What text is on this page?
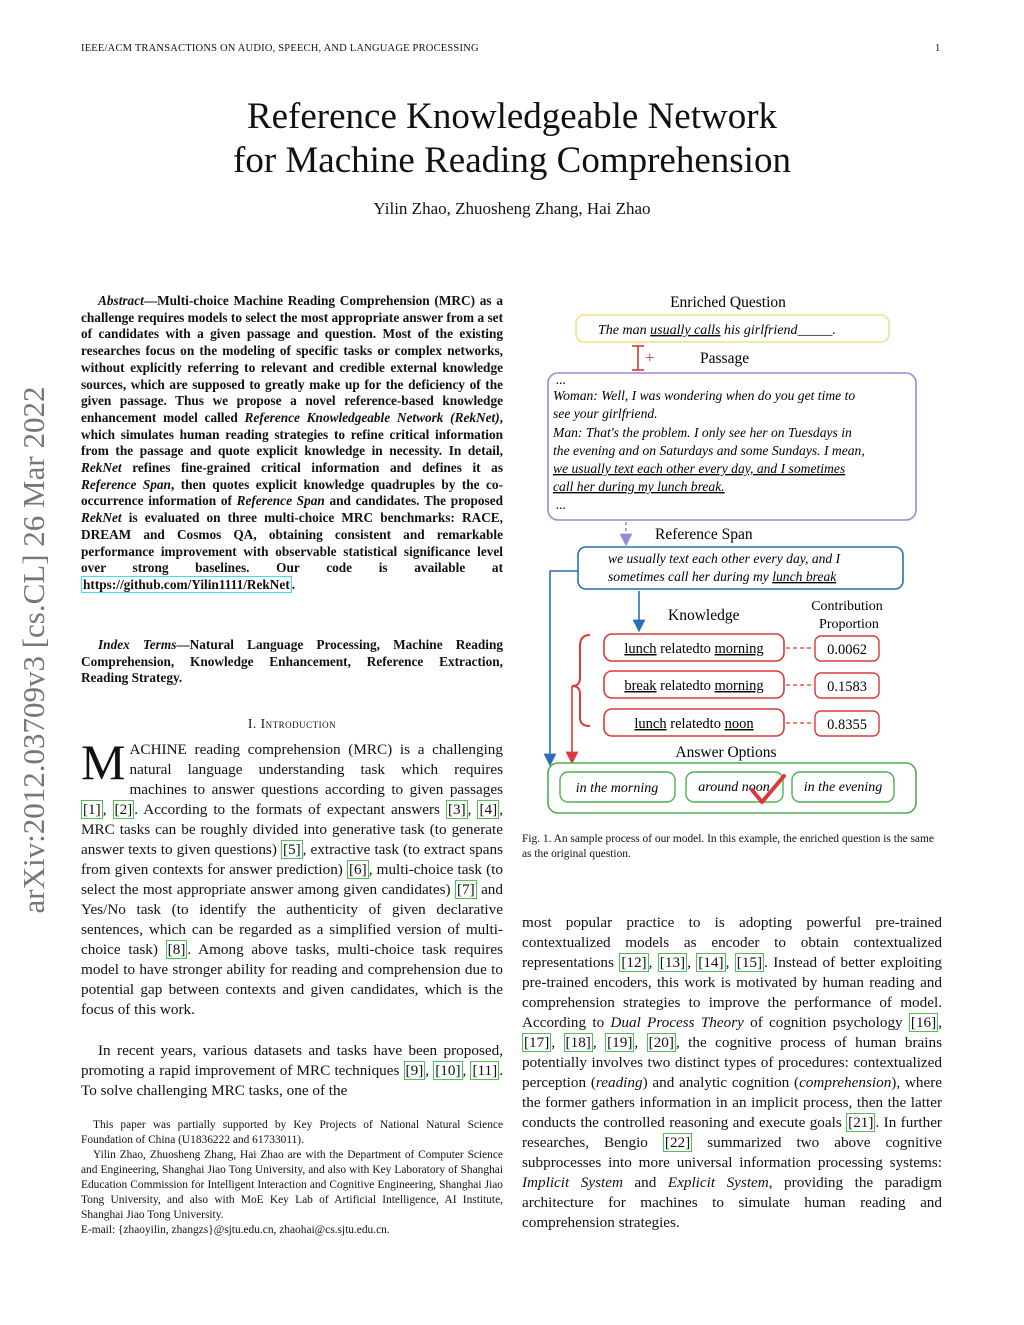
IEEE/ACM TRANSACTIONS ON AUDIO, SPEECH, AND LANGUAGE PROCESSING	1
arXiv:2012.03709v3 [cs.CL] 26 Mar 2022
Reference Knowledgeable Network
for Machine Reading Comprehension
Yilin Zhao, Zhuosheng Zhang, Hai Zhao
Abstract—Multi-choice Machine Reading Comprehension (MRC) as a challenge requires models to select the most appropriate answer from a set of candidates with a given passage and question. Most of the existing researches focus on the modeling of specific tasks or complex networks, without explicitly referring to relevant and credible external knowledge sources, which are supposed to greatly make up for the deficiency of the given passage. Thus we propose a novel reference-based knowledge enhancement model called Reference Knowledgeable Network (RekNet), which simulates human reading strategies to refine critical information from the passage and quote explicit knowledge in necessity. In detail, RekNet refines fine-grained critical information and defines it as Reference Span, then quotes explicit knowledge quadruples by the co-occurrence information of Reference Span and candidates. The proposed RekNet is evaluated on three multi-choice MRC benchmarks: RACE, DREAM and Cosmos QA, obtaining consistent and remarkable performance improvement with observable statistical significance level over strong baselines. Our code is available at https://github.com/Yilin1111/RekNet .
Index Terms—Natural Language Processing, Machine Reading Comprehension, Knowledge Enhancement, Reference Extraction, Reading Strategy.
I. Introduction
MACHINE reading comprehension (MRC) is a challenging natural language understanding task which requires machines to answer questions according to given passages [1] , [2] . According to the formats of expectant answers [3] , [4] , MRC tasks can be roughly divided into generative task (to generate answer texts to given questions) [5] , extractive task (to extract spans from given contexts for answer prediction) [6] , multi-choice task (to select the most appropriate answer among given candidates) [7] and Yes/No task (to identify the authenticity of given declarative sentences, which can be regarded as a simplified version of multi-choice task) [8] . Among above tasks, multi-choice task requires model to have stronger ability for reading and comprehension due to potential gap between contexts and given candidates, which is the focus of this work.
In recent years, various datasets and tasks have been proposed, promoting a rapid improvement of MRC techniques [9] , [10] , [11] . To solve challenging MRC tasks, one of the

This paper was partially supported by Key Projects of National Natural Science Foundation of China (U1836222 and 61733011).

Yilin Zhao, Zhuosheng Zhang, Hai Zhao are with the Department of Computer Science and Engineering, Shanghai Jiao Tong University, and also with Key Laboratory of Shanghai Education Commission for Intelligent Interaction and Cognitive Engineering, Shanghai Jiao Tong University, and also with MoE Key Lab of Artificial Intelligence, AI Institute, Shanghai Jiao Tong University.

E-mail: {zhaoyilin, zhangzs}@sjtu.edu.cn, zhaohai@cs.sjtu.edu.cn.

Enriched Question
The man usually calls his girlfriend_____.
+	Passage
...
Woman: Well, I was wondering when do you get time to
see your girlfriend.
Man: That's the problem. I only see her on Tuesdays in
the evening and on Saturdays and some Sundays. I mean,
we usually text each other every day, and I sometimes
call her during my lunch break.
...
Reference Span
we usually text each other every day, and I
sometimes call her during my lunch break
Knowledge
Contribution
Proportion
lunch relatedto morning	0.0062
break relatedto morning	0.1583
lunch relatedto noon	0.8355
Answer Options
in the morning	around noon in the evening
Fig. 1. An sample process of our model. In this example, the enriched question is the same as the original question.
most popular practice to is adopting powerful pre-trained contextualized models as encoder to obtain contextualized representations [12] , [13] , [14] , [15] . Instead of better exploiting pre-trained encoders, this work is motivated by human reading and comprehension strategies to improve the performance of model. According to Dual Process Theory of cognition psychology [16] , [17] , [18] , [19] , [20] , the cognitive process of human brains potentially involves two distinct types of procedures: contextualized perception (reading) and analytic cognition (comprehension), where the former gathers information in an implicit process, then the latter conducts the controlled reasoning and execute goals [21] . In further researches, Bengio [22] summarized two above cognitive subprocesses into more universal information processing systems: Implicit System and Explicit System, providing the paradigm architecture for machines to simulate human reading and comprehension strategies.
